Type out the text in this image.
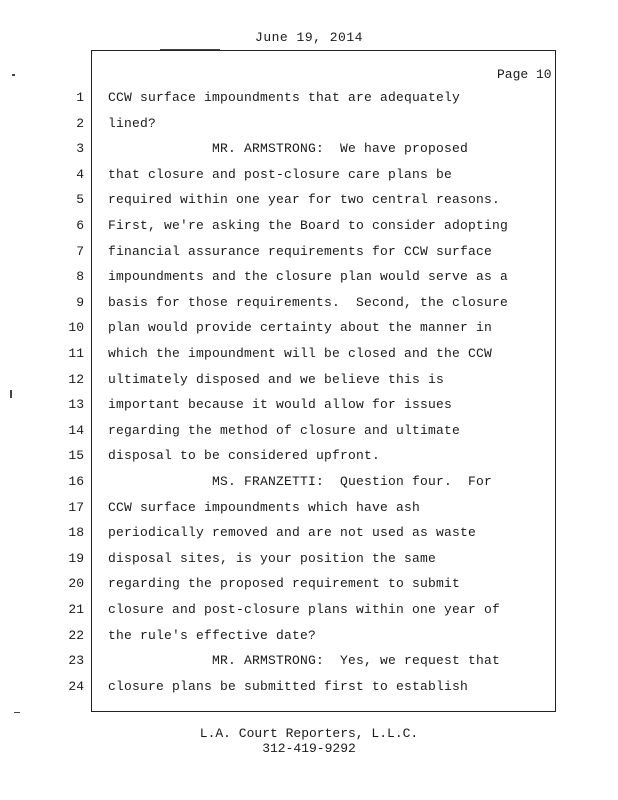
June 19, 2014
Page 10
1 CCW surface impoundments that are adequately
2 lined?
3 MR. ARMSTRONG:  We have proposed
4 that closure and post-closure care plans be
5 required within one year for two central reasons.
6 First, we're asking the Board to consider adopting
7 financial assurance requirements for CCW surface
8 impoundments and the closure plan would serve as a
9 basis for those requirements.  Second, the closure
10 plan would provide certainty about the manner in
11 which the impoundment will be closed and the CCW
12 ultimately disposed and we believe this is
13 important because it would allow for issues
14 regarding the method of closure and ultimate
15 disposal to be considered upfront.
16 MS. FRANZETTI:  Question four.  For
17 CCW surface impoundments which have ash
18 periodically removed and are not used as waste
19 disposal sites, is your position the same
20 regarding the proposed requirement to submit
21 closure and post-closure plans within one year of
22 the rule's effective date?
23 MR. ARMSTRONG:  Yes, we request that
24 closure plans be submitted first to establish
L.A. Court Reporters, L.L.C.
312-419-9292
